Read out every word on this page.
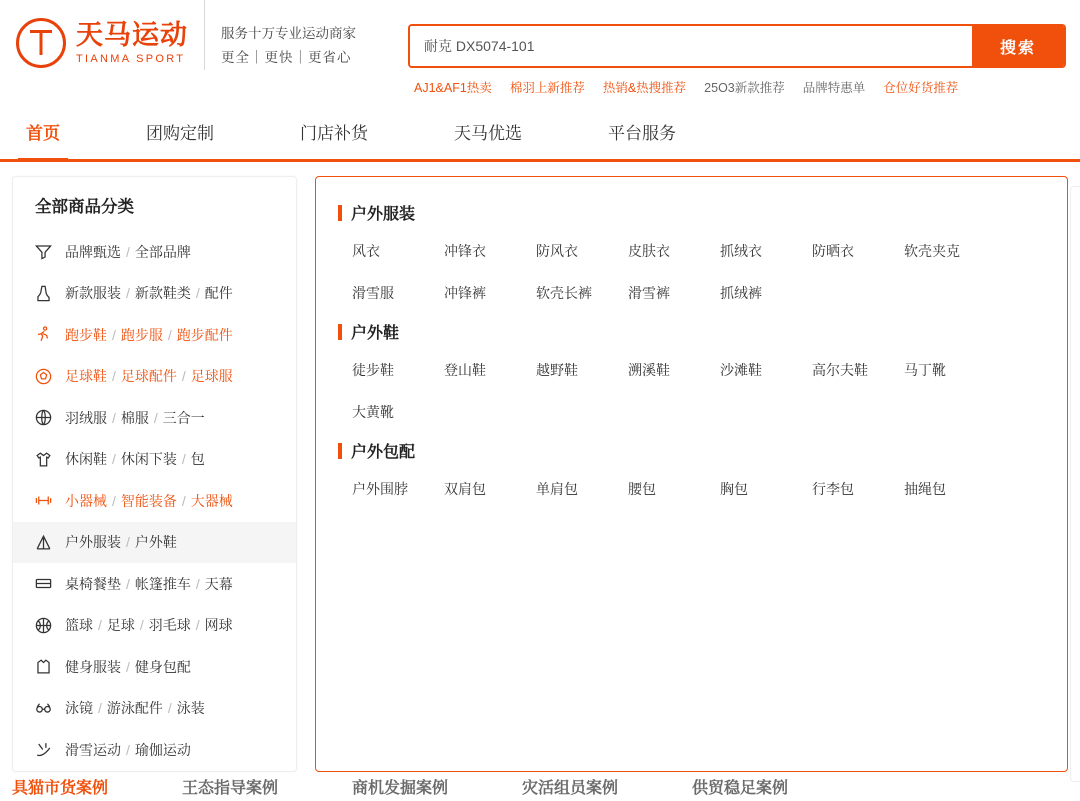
天马运动
TIANMA SPORT
服务十万专业运动商家
更全｜更快｜更省心
耐克 DX5074-101
搜索
AJ1&AF1热卖 棉羽上新推荐 热销&热搜推荐 25O3新款推荐 品牌特惠单 仓位好货推荐
首页	团购定制	门店补货	天马优选	平台服务
全部商品分类
品牌甄选 / 全部品牌
新款服装 / 新款鞋类 / 配件
跑步鞋 / 跑步服 / 跑步配件
足球鞋 / 足球配件 / 足球服
羽绒服 / 棉服 / 三合一
休闲鞋 / 休闲下装 / 包
小器械 / 智能装备 / 大器械
户外服装 / 户外鞋
桌椅餐垫 / 帐篷推车 / 天幕
篮球 / 足球 / 羽毛球 / 网球
健身服装 / 健身包配
泳镜 / 游泳配件 / 泳装
滑雪运动 / 瑜伽运动
户外服装
风衣	冲锋衣	防风衣	皮肤衣	抓绒衣	防晒衣	软壳夹克
滑雪服	冲锋裤	软壳长裤	滑雪裤	抓绒裤
户外鞋
徒步鞋	登山鞋	越野鞋	溯溪鞋	沙滩鞋	高尔夫鞋	马丁靴
大黄靴
户外包配
户外围脖	双肩包	单肩包	腰包	胸包	行李包	抽绳包
具猫市货案例	王态指导案例	商机发掘案例	灾活组员案例	供贸稳足案例
